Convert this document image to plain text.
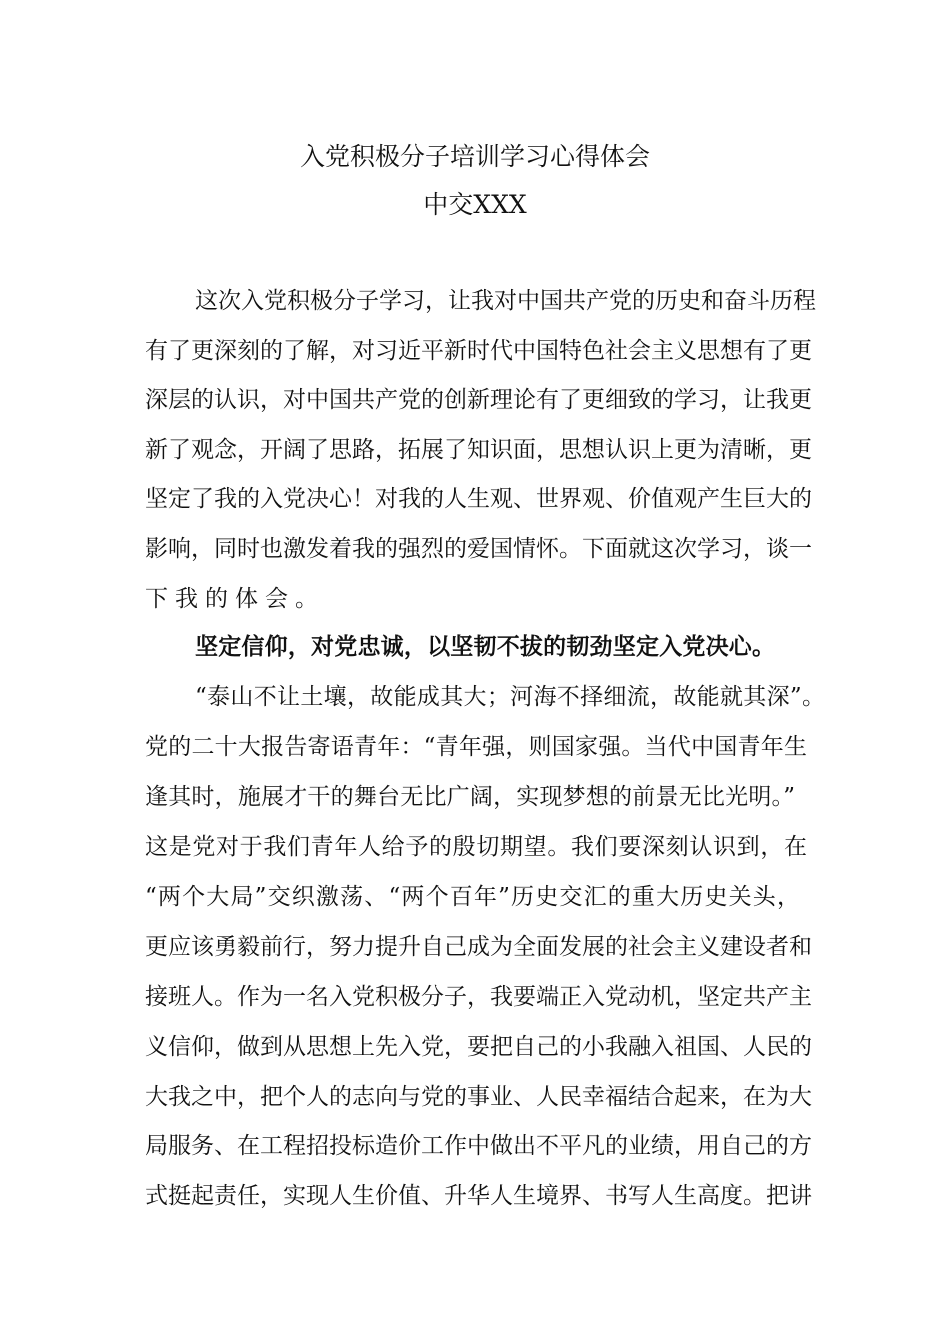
入党积极分子培训学习心得体会
中交XXX
这次入党积极分子学习，让我对中国共产党的历史和奋斗历程
有了更深刻的了解，对习近平新时代中国特色社会主义思想有了更
深层的认识，对中国共产党的创新理论有了更细致的学习，让我更
新了观念，开阔了思路，拓展了知识面，思想认识上更为清晰，更
坚定了我的入党决心！对我的人生观、世界观、价值观产生巨大的
影响，同时也激发着我的强烈的爱国情怀。下面就这次学习，谈一
下我的体会。
坚定信仰，对党忠诚，以坚韧不拔的韧劲坚定入党决心。
“泰山不让土壤，故能成其大；河海不择细流，故能就其深”。
党的二十大报告寄语青年：“青年强，则国家强。当代中国青年生
逢其时，施展才干的舞台无比广阔，实现梦想的前景无比光明。”
这是党对于我们青年人给予的殷切期望。我们要深刻认识到，在
“两个大局”交织激荡、“两个百年”历史交汇的重大历史关头，
更应该勇毅前行，努力提升自己成为全面发展的社会主义建设者和
接班人。作为一名入党积极分子，我要端正入党动机，坚定共产主
义信仰，做到从思想上先入党，要把自己的小我融入祖国、人民的
大我之中，把个人的志向与党的事业、人民幸福结合起来，在为大
局服务、在工程招投标造价工作中做出不平凡的业绩，用自己的方
式挺起责任，实现人生价值、升华人生境界、书写人生高度。把讲
